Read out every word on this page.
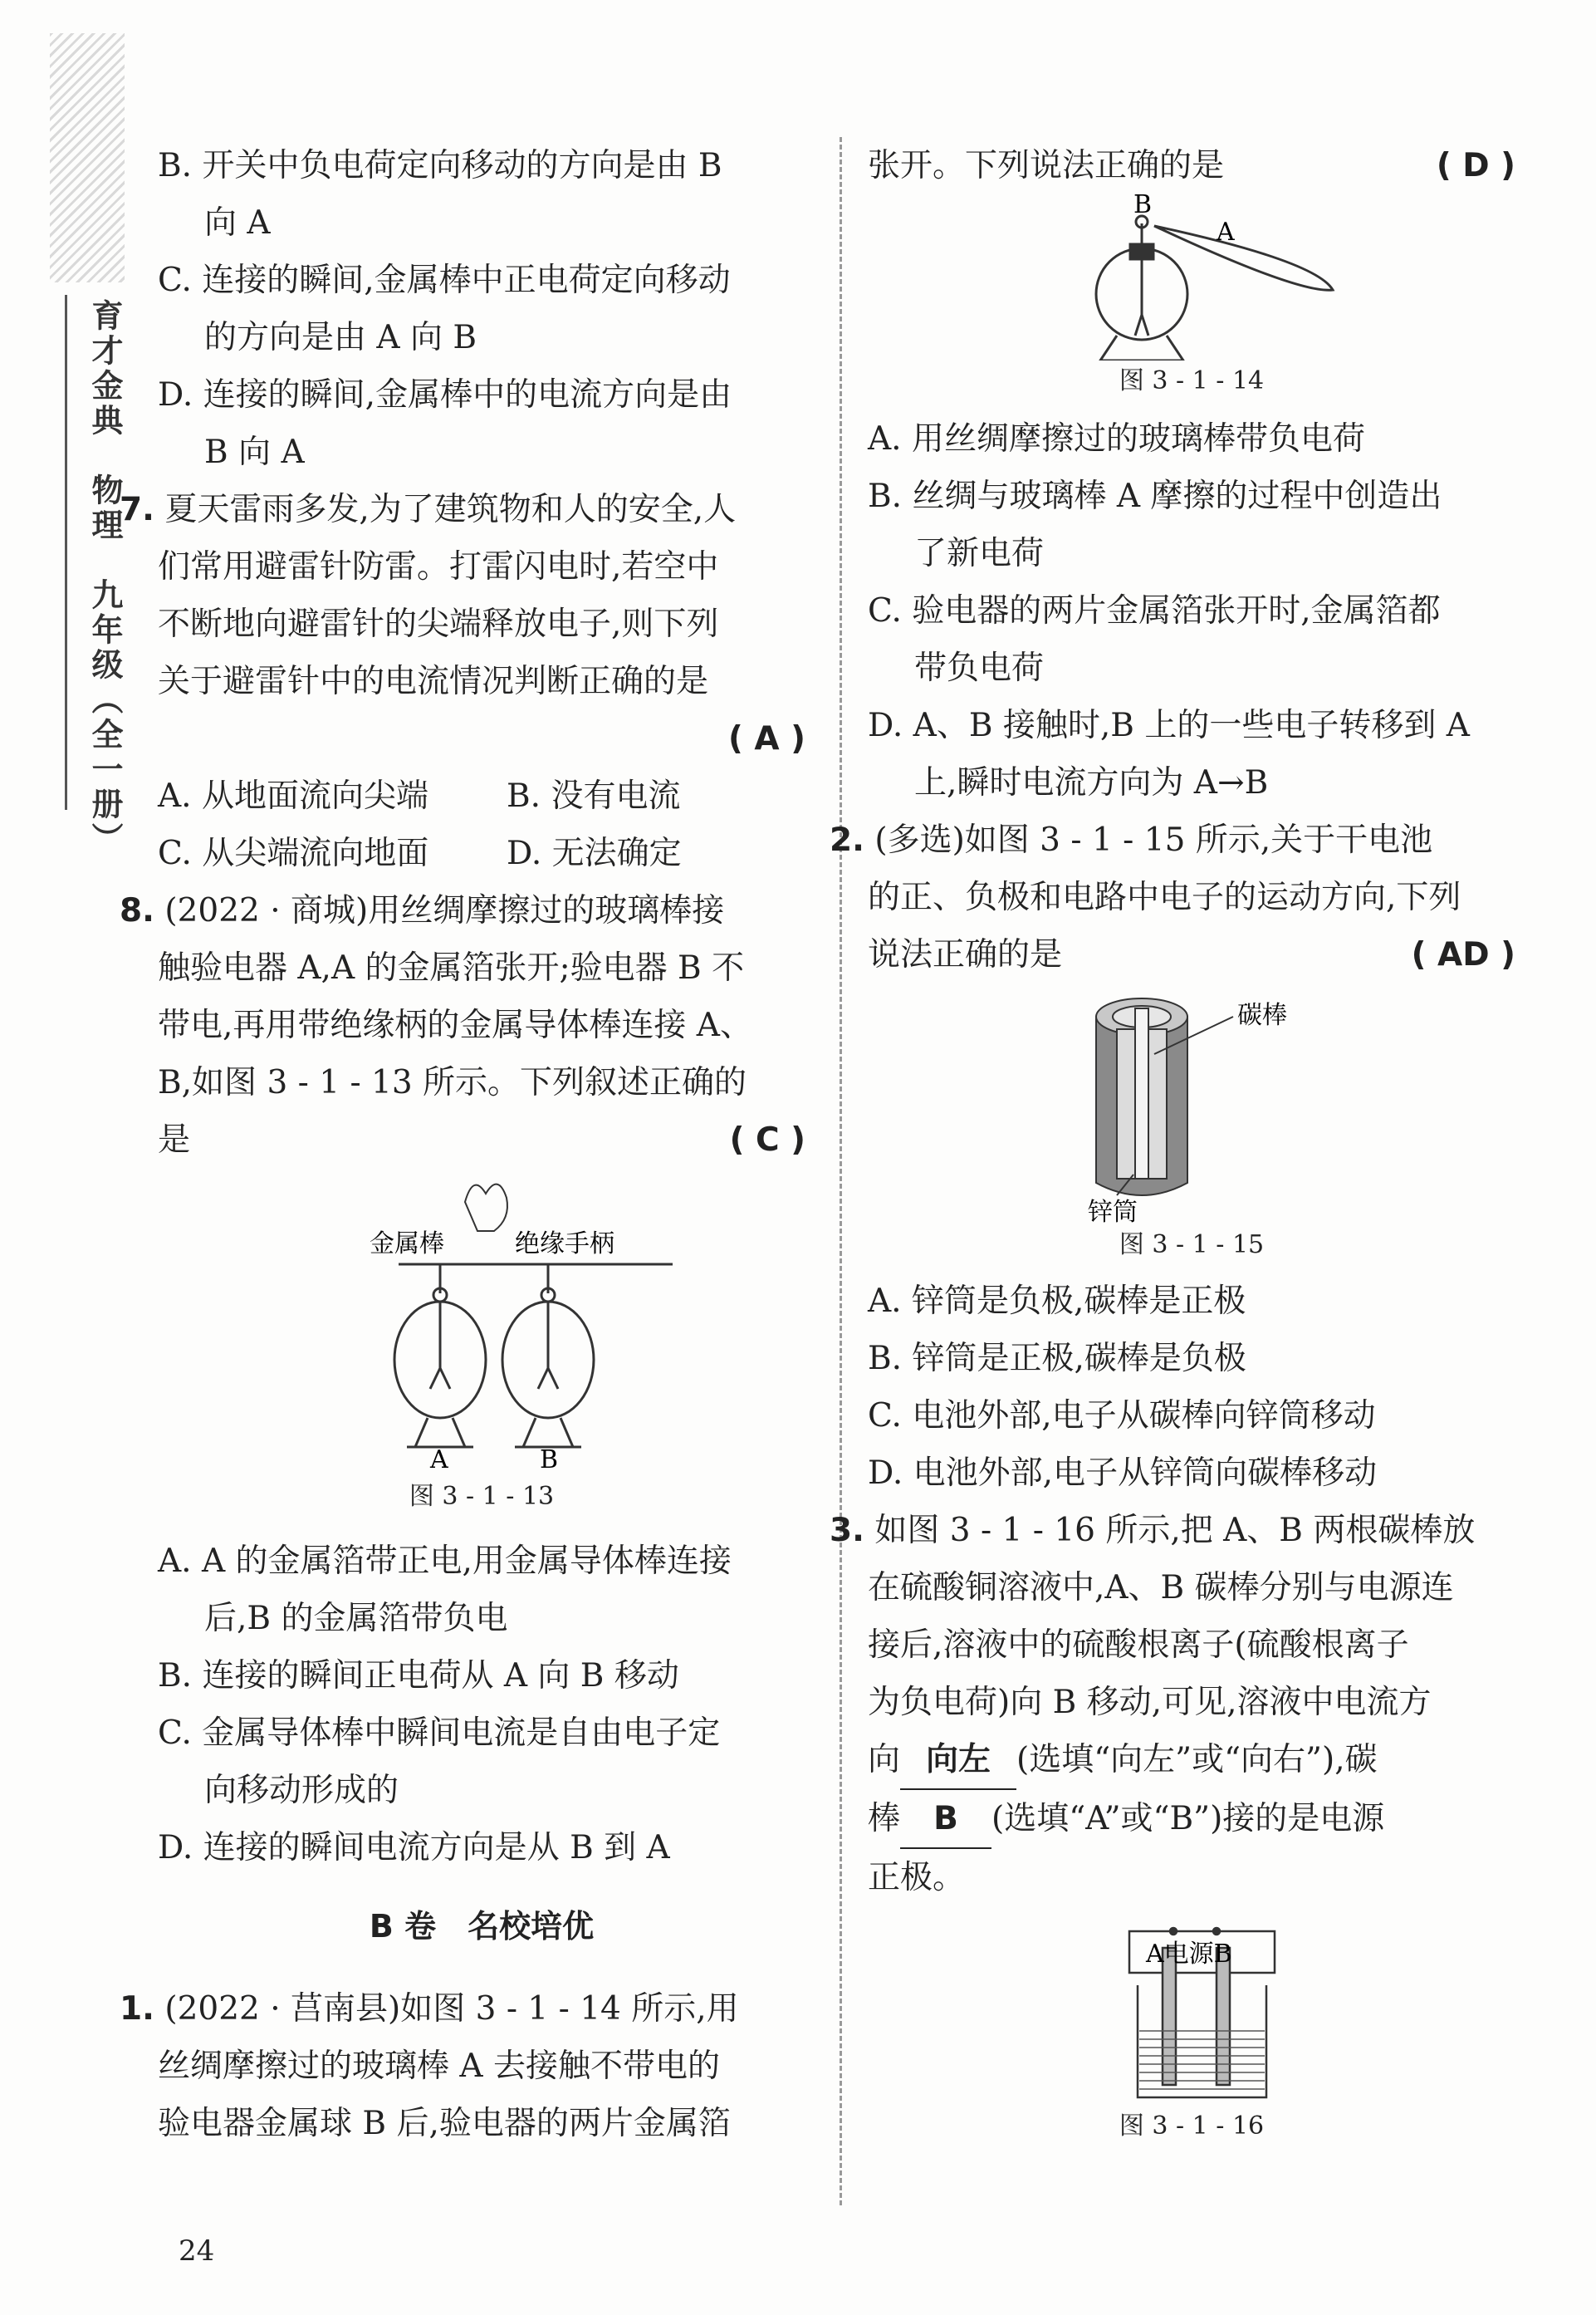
育才金典　物理　九年级（全一册）
B. 开关中负电荷定向移动的方向是由 B
向 A
C. 连接的瞬间,金属棒中正电荷定向移动
的方向是由 A 向 B
D. 连接的瞬间,金属棒中的电流方向是由
B 向 A
7. 夏天雷雨多发,为了建筑物和人的安全,人
们常用避雷针防雷。打雷闪电时,若空中
不断地向避雷针的尖端释放电子,则下列
关于避雷针中的电流情况判断正确的是
( A )

A. 从地面流向尖端	B. 没有电流
C. 从尖端流向地面	D. 无法确定
8. (2022 · 商城)用丝绸摩擦过的玻璃棒接
触验电器 A,A 的金属箔张开;验电器 B 不
带电,再用带绝缘柄的金属导体棒连接 A、
B,如图 3 - 1 - 13 所示。下列叙述正确的
是	( C )
金属棒	绝缘手柄
A	B
图 3 - 1 - 13
A. A 的金属箔带正电,用金属导体棒连接
后,B 的金属箔带负电
B. 连接的瞬间正电荷从 A 向 B 移动
C. 金属导体棒中瞬间电流是自由电子定
向移动形成的
D. 连接的瞬间电流方向是从 B 到 A
B 卷　名校培优
1. (2022 · 莒南县)如图 3 - 1 - 14 所示,用
丝绸摩擦过的玻璃棒 A 去接触不带电的
验电器金属球 B 后,验电器的两片金属箔
张开。下列说法正确的是	( D )
B
A
图 3 - 1 - 14
A. 用丝绸摩擦过的玻璃棒带负电荷
B. 丝绸与玻璃棒 A 摩擦的过程中创造出
了新电荷
C. 验电器的两片金属箔张开时,金属箔都
带负电荷
D. A、B 接触时,B 上的一些电子转移到 A
上,瞬时电流方向为 A→B
2. (多选)如图 3 - 1 - 15 所示,关于干电池
的正、负极和电路中电子的运动方向,下列
说法正确的是	( AD )
碳棒
锌筒
图 3 - 1 - 15
A. 锌筒是负极,碳棒是正极
B. 锌筒是正极,碳棒是负极
C. 电池外部,电子从碳棒向锌筒移动
D. 电池外部,电子从锌筒向碳棒移动
3. 如图 3 - 1 - 16 所示,把 A、B 两根碳棒放
在硫酸铜溶液中,A、B 碳棒分别与电源连
接后,溶液中的硫酸根离子(硫酸根离子
为负电荷)向 B 移动,可见,溶液中电流方
向 向左 (选填“向左”或“向右”),碳
棒 B (选填“A”或“B”)接的是电源
正极。
A电源B
图 3 - 1 - 16
24
